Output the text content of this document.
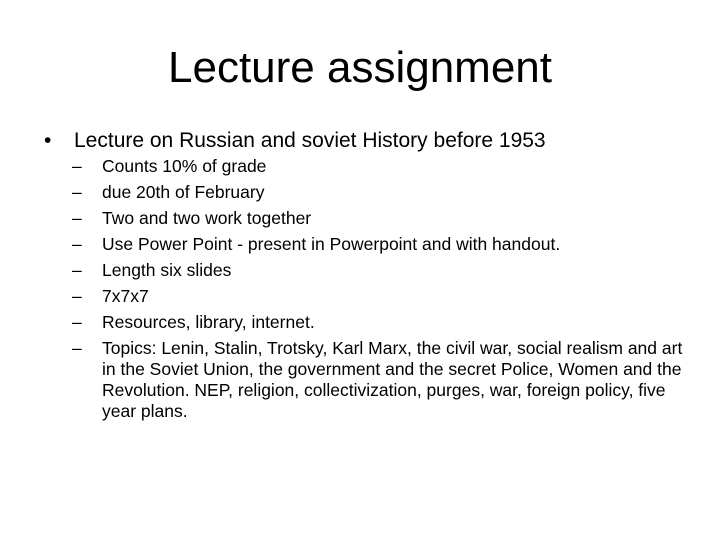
Lecture assignment

•	Lecture on Russian and soviet History before 1953

–	Counts 10% of grade
–	due 20th of February
–	Two and two work together
–	Use Power Point - present in Powerpoint and with handout.
–	Length six slides
–	7x7x7
–	Resources, library, internet.
–	Topics: Lenin, Stalin, Trotsky, Karl Marx, the civil war, social realism and art in the Soviet Union, the government and the secret Police, Women and the Revolution. NEP, religion, collectivization, purges, war, foreign policy, five year plans.
